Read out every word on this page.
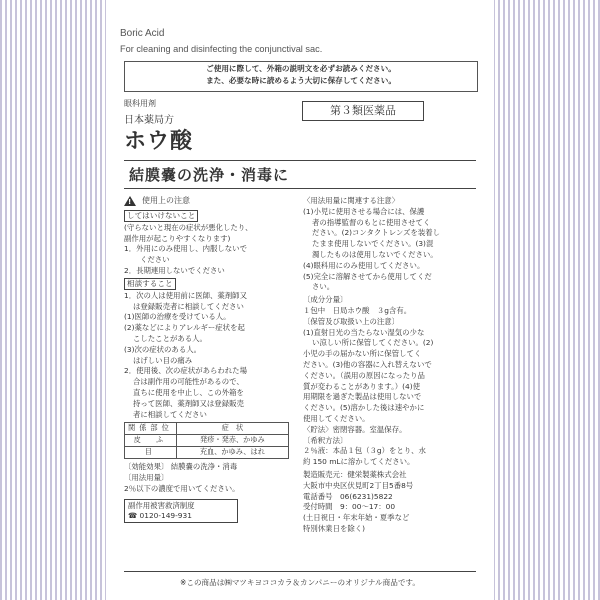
Boric Acid
For cleaning and disinfecting the conjunctival sac.
ご使用に際して、外箱の説明文を必ずお読みください。
また、必要な時に読めるよう大切に保存してください。
眼科用剤
日本薬局方
ホウ酸
第３類医薬品
結膜嚢の洗浄・消毒に
!
使用上の注意
してはいけないこと
(守らないと現在の症状が悪化したり、
副作用が起こりやすくなります)
1．外用にのみ使用し、内服しないで
ください
2．長期連用しないでください
相談すること
1．次の人は使用前に医師、薬剤師又
は登録販売者に相談してください
(1)医師の治療を受けている人。
(2)薬などによりアレルギー症状を起
こしたことがある人。
(3)次の症状のある人。
はげしい目の痛み
2．使用後、次の症状があらわれた場
合は副作用の可能性があるので、
直ちに使用を中止し、この外箱を
持って医師、薬剤師又は登録販売
者に相談してください
関係部位	症　状
皮　ふ	発疹・発赤、かゆみ
目	充血、かゆみ、はれ
〔効能効果〕 結膜嚢の洗浄・消毒
〔用法用量〕
2％以下の濃度で用いてください。
副作用被害救済制度
☎ 0120-149-931
〈用法用量に関連する注意〉
(1)小児に使用させる場合には、保護
者の指導監督のもとに使用させてく
ださい。(2)コンタクトレンズを装着し
たまま使用しないでください。(3)混
濁したものは使用しないでください。
(4)眼科用にのみ使用してください。
(5)完全に溶解させてから使用してくだ
さい。
〔成分分量〕
１包中　日局ホウ酸　３g含有。
〔保管及び取扱い上の注意〕
(1)直射日光の当たらない湿気の少な
い涼しい所に保管してください。(2)
小児の手の届かない所に保管してく
ださい。(3)他の容器に入れ替えないで
ください。（誤用の原因になったり品
質が変わることがあります。）(4)使
用期限を過ぎた製品は使用しないで
ください。(5)溶かした後は速やかに
使用してください。
〈貯法〉密閉容器。室温保存。
〔希釈方法〕
２％液：本品１包（３g）をとり、水
約 150 mLに溶かしてください。
製造販売元：健栄製薬株式会社
大阪市中央区伏見町2丁目5番8号
電話番号　06(6231)5822
受付時間　9：00～17：00
(土日祝日・年末年始・夏季など
特別休業日を除く)
※この商品は㈱マツキヨココカラ＆カンパニーのオリジナル商品です。
